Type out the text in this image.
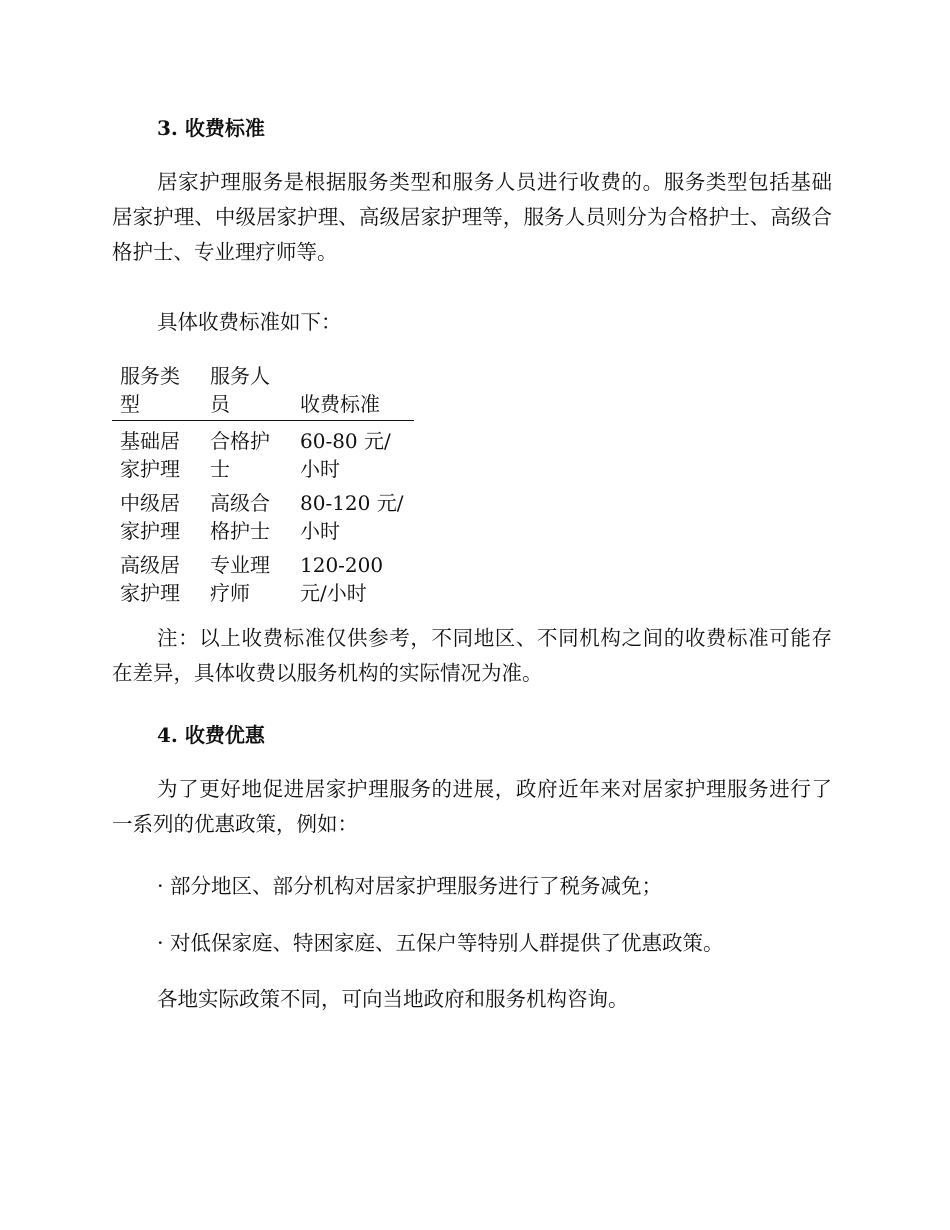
3. 收费标准
居家护理服务是根据服务类型和服务人员进行收费的。服务类型包括基础居家护理、中级居家护理、高级居家护理等，服务人员则分为合格护士、高级合格护士、专业理疗师等。
具体收费标准如下：
服务类型	服务人员	收费标准
基础居家护理	合格护士	60-80 元/小时
中级居家护理	高级合格护士	80-120 元/小时
高级居家护理	专业理疗师	120-200 元/小时
注：以上收费标准仅供参考，不同地区、不同机构之间的收费标准可能存在差异，具体收费以服务机构的实际情况为准。
4. 收费优惠
为了更好地促进居家护理服务的进展，政府近年来对居家护理服务进行了一系列的优惠政策，例如：
· 部分地区、部分机构对居家护理服务进行了税务减免；
· 对低保家庭、特困家庭、五保户等特别人群提供了优惠政策。
各地实际政策不同，可向当地政府和服务机构咨询。
